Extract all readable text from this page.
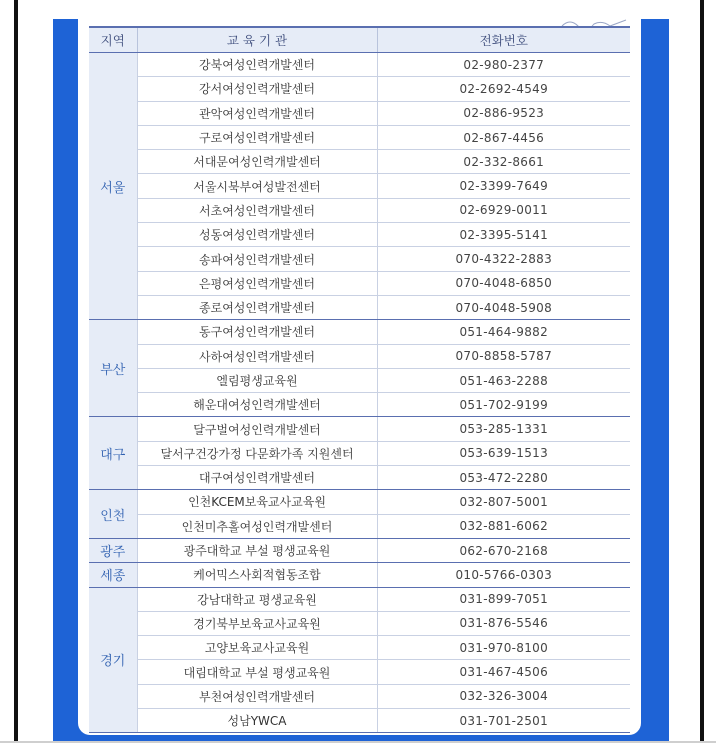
지역	교 육 기 관	전화번호
서울	강북여성인력개발센터	02-980-2377
	강서여성인력개발센터	02-2692-4549
	관악여성인력개발센터	02-886-9523
	구로여성인력개발센터	02-867-4456
	서대문여성인력개발센터	02-332-8661
	서울시북부여성발전센터	02-3399-7649
	서초여성인력개발센터	02-6929-0011
	성동여성인력개발센터	02-3395-5141
	송파여성인력개발센터	070-4322-2883
	은평여성인력개발센터	070-4048-6850
	종로여성인력개발센터	070-4048-5908
부산	동구여성인력개발센터	051-464-9882
	사하여성인력개발센터	070-8858-5787
	엘림평생교육원	051-463-2288
	해운대여성인력개발센터	051-702-9199
대구	달구벌여성인력개발센터	053-285-1331
	달서구건강가정 다문화가족 지원센터	053-639-1513
	대구여성인력개발센터	053-472-2280
인천	인천KCEM보육교사교육원	032-807-5001
	인천미추홀여성인력개발센터	032-881-6062
광주	광주대학교 부설 평생교육원	062-670-2168
세종	케어믹스사회적협동조합	010-5766-0303
경기	강남대학교 평생교육원	031-899-7051
	경기북부보육교사교육원	031-876-5546
	고양보육교사교육원	031-970-8100
	대림대학교 부설 평생교육원	031-467-4506
	부천여성인력개발센터	032-326-3004
	성남YWCA	031-701-2501
